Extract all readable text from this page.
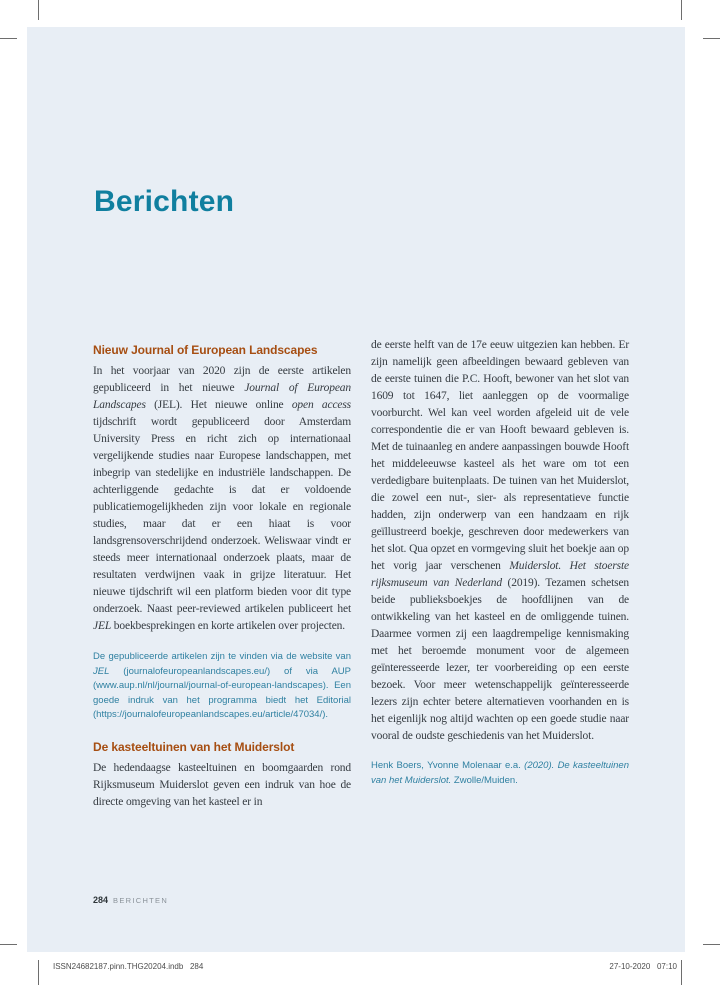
Berichten
Nieuw Journal of European Landscapes

In het voorjaar van 2020 zijn de eerste artikelen gepubliceerd in het nieuwe Journal of European Landscapes (JEL). Het nieuwe online open access tijdschrift wordt gepubliceerd door Amsterdam University Press en richt zich op internationaal vergelijkende studies naar Europese landschappen, met inbegrip van stedelijke en industriële landschappen. De achterliggende gedachte is dat er voldoende publicatiemogelijkheden zijn voor lokale en regionale studies, maar dat er een hiaat is voor landsgrensoverschrijdend onderzoek. Weliswaar vindt er steeds meer internationaal onderzoek plaats, maar de resultaten verdwijnen vaak in grijze literatuur. Het nieuwe tijdschrift wil een platform bieden voor dit type onderzoek. Naast peer-reviewed artikelen publiceert het JEL boekbesprekingen en korte artikelen over projecten.

De gepubliceerde artikelen zijn te vinden via de website van JEL (journalofeuropeanlandscapes.eu/) of via AUP (www.aup.nl/nl/journal/journal-of-european-landscapes). Een goede indruk van het programma biedt het Editorial (https://journalofeuropeanlandscapes.eu/article/47034/).

De kasteeltuinen van het Muiderslot

De hedendaagse kasteeltuinen en boomgaarden rond Rijksmuseum Muiderslot geven een indruk van hoe de directe omgeving van het kasteel er in

de eerste helft van de 17e eeuw uitgezien kan hebben. Er zijn namelijk geen afbeeldingen bewaard gebleven van de eerste tuinen die P.C. Hooft, bewoner van het slot van 1609 tot 1647, liet aanleggen op de voormalige voorburcht. Wel kan veel worden afgeleid uit de vele correspondentie die er van Hooft bewaard gebleven is. Met de tuinaanleg en andere aanpassingen bouwde Hooft het middeleeuwse kasteel als het ware om tot een verdedigbare buitenplaats. De tuinen van het Muiderslot, die zowel een nut-, sier- als representatieve functie hadden, zijn onderwerp van een handzaam en rijk geïllustreerd boekje, geschreven door medewerkers van het slot. Qua opzet en vormgeving sluit het boekje aan op het vorig jaar verschenen Muiderslot. Het stoerste rijksmuseum van Nederland (2019). Tezamen schetsen beide publieksboekjes de hoofdlijnen van de ontwikkeling van het kasteel en de omliggende tuinen. Daarmee vormen zij een laagdrempelige kennismaking met het beroemde monument voor de algemeen geïnteresseerde lezer, ter voorbereiding op een eerste bezoek. Voor meer wetenschappelijk geïnteresseerde lezers zijn echter betere alternatieven voorhanden en is het eigenlijk nog altijd wachten op een goede studie naar vooral de oudste geschiedenis van het Muiderslot.

Henk Boers, Yvonne Molenaar e.a. (2020). De kasteeltuinen van het Muiderslot. Zwolle/Muiden.

284 BERICHTEN
ISSN24682187.pinn.THG20204.indb   284	27-10-2020   07:10
